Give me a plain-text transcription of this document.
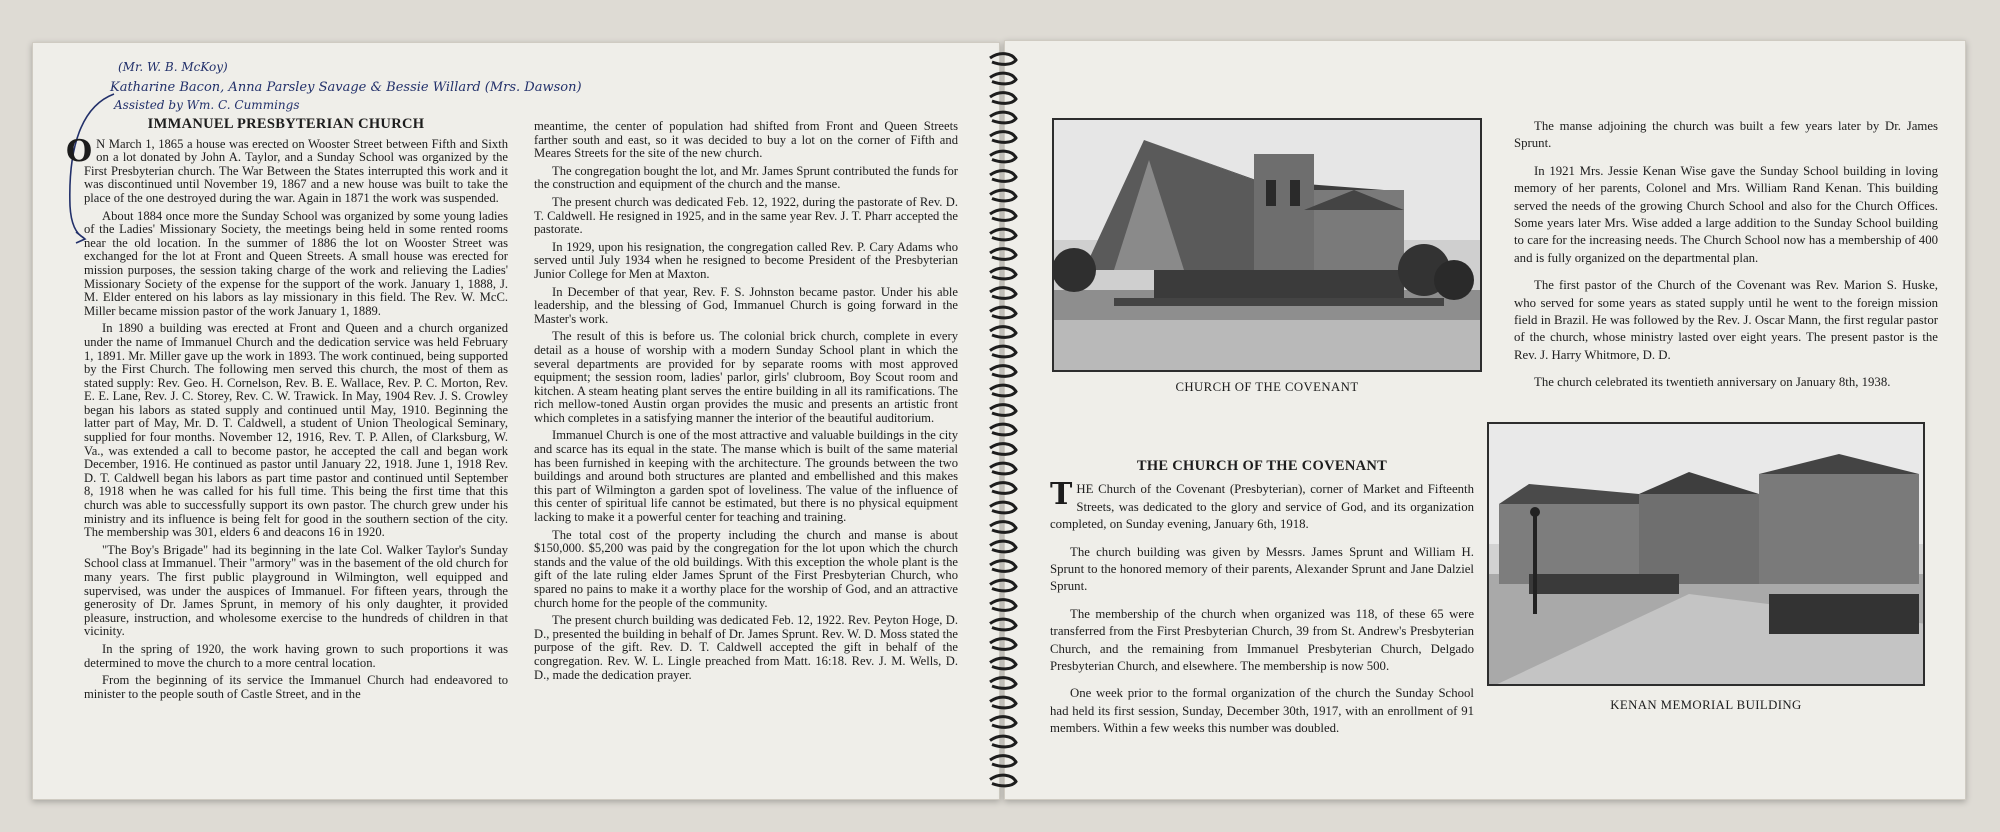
(Mr. W. B. McKoy)
Katharine Bacon, Anna Parsley Savage & Bessie Willard (Mrs. Dawson)
Assisted by Wm. C. Cummings
IMMANUEL PRESBYTERIAN CHURCH

O N March 1, 1865 a house was erected on Wooster Street between Fifth and Sixth on a lot donated by John A. Taylor, and a Sunday School was organized by the First Presbyterian church. The War Between the States interrupted this work and it was discontinued until November 19, 1867 and a new house was built to take the place of the one destroyed during the war. Again in 1871 the work was suspended.

About 1884 once more the Sunday School was organized by some young ladies of the Ladies' Missionary Society, the meetings being held in some rented rooms near the old location. In the summer of 1886 the lot on Wooster Street was exchanged for the lot at Front and Queen Streets. A small house was erected for mission purposes, the session taking charge of the work and relieving the Ladies' Missionary Society of the expense for the support of the work. January 1, 1888, J. M. Elder entered on his labors as lay missionary in this field. The Rev. W. McC. Miller became mission pastor of the work January 1, 1889.

In 1890 a building was erected at Front and Queen and a church organized under the name of Immanuel Church and the dedication service was held February 1, 1891. Mr. Miller gave up the work in 1893. The work continued, being supported by the First Church. The following men served this church, the most of them as stated supply: Rev. Geo. H. Cornelson, Rev. B. E. Wallace, Rev. P. C. Morton, Rev. E. E. Lane, Rev. J. C. Storey, Rev. C. W. Trawick. In May, 1904 Rev. J. S. Crowley began his labors as stated supply and continued until May, 1910. Beginning the latter part of May, Mr. D. T. Caldwell, a student of Union Theological Seminary, supplied for four months. November 12, 1916, Rev. T. P. Allen, of Clarksburg, W. Va., was extended a call to become pastor, he accepted the call and began work December, 1916. He continued as pastor until January 22, 1918. June 1, 1918 Rev. D. T. Caldwell began his labors as part time pastor and continued until September 8, 1918 when he was called for his full time. This being the first time that this church was able to successfully support its own pastor. The church grew under his ministry and its influence is being felt for good in the southern section of the city. The membership was 301, elders 6 and deacons 16 in 1920.

"The Boy's Brigade" had its beginning in the late Col. Walker Taylor's Sunday School class at Immanuel. Their "armory" was in the basement of the old church for many years. The first public playground in Wilmington, well equipped and supervised, was under the auspices of Immanuel. For fifteen years, through the generosity of Dr. James Sprunt, in memory of his only daughter, it provided pleasure, instruction, and wholesome exercise to the hundreds of children in that vicinity.

In the spring of 1920, the work having grown to such proportions it was determined to move the church to a more central location.

From the beginning of its service the Immanuel Church had endeavored to minister to the people south of Castle Street, and in the

meantime, the center of population had shifted from Front and Queen Streets farther south and east, so it was decided to buy a lot on the corner of Fifth and Meares Streets for the site of the new church.

The congregation bought the lot, and Mr. James Sprunt contributed the funds for the construction and equipment of the church and the manse.

The present church was dedicated Feb. 12, 1922, during the pastorate of Rev. D. T. Caldwell. He resigned in 1925, and in the same year Rev. J. T. Pharr accepted the pastorate.

In 1929, upon his resignation, the congregation called Rev. P. Cary Adams who served until July 1934 when he resigned to become President of the Presbyterian Junior College for Men at Maxton.

In December of that year, Rev. F. S. Johnston became pastor. Under his able leadership, and the blessing of God, Immanuel Church is going forward in the Master's work.

The result of this is before us. The colonial brick church, complete in every detail as a house of worship with a modern Sunday School plant in which the several departments are provided for by separate rooms with most approved equipment; the session room, ladies' parlor, girls' clubroom, Boy Scout room and kitchen. A steam heating plant serves the entire building in all its ramifications. The rich mellow-toned Austin organ provides the music and presents an artistic front which completes in a satisfying manner the interior of the beautiful auditorium.

Immanuel Church is one of the most attractive and valuable buildings in the city and scarce has its equal in the state. The manse which is built of the same material has been furnished in keeping with the architecture. The grounds between the two buildings and around both structures are planted and embellished and this makes this part of Wilmington a garden spot of loveliness. The value of the influence of this center of spiritual life cannot be estimated, but there is no physical equipment lacking to make it a powerful center for teaching and training.

The total cost of the property including the church and manse is about $150,000. $5,200 was paid by the congregation for the lot upon which the church stands and the value of the old buildings. With this exception the whole plant is the gift of the late ruling elder James Sprunt of the First Presbyterian Church, who spared no pains to make it a worthy place for the worship of God, and an attractive church home for the people of the community.

The present church building was dedicated Feb. 12, 1922. Rev. Peyton Hoge, D. D., presented the building in behalf of Dr. James Sprunt. Rev. W. D. Moss stated the purpose of the gift. Rev. D. T. Caldwell accepted the gift in behalf of the congregation. Rev. W. L. Lingle preached from Matt. 16:18. Rev. J. M. Wells, D. D., made the dedication prayer.

CHURCH OF THE COVENANT
THE CHURCH OF THE COVENANT

THE Church of the Covenant (Presbyterian), corner of Market and Fifteenth Streets, was dedicated to the glory and service of God, and its organization completed, on Sunday evening, January 6th, 1918.

The church building was given by Messrs. James Sprunt and William H. Sprunt to the honored memory of their parents, Alexander Sprunt and Jane Dalziel Sprunt.

The membership of the church when organized was 118, of these 65 were transferred from the First Presbyterian Church, 39 from St. Andrew's Presbyterian Church, and the remaining from Immanuel Presbyterian Church, Delgado Presbyterian Church, and elsewhere. The membership is now 500.

One week prior to the formal organization of the church the Sunday School had held its first session, Sunday, December 30th, 1917, with an enrollment of 91 members. Within a few weeks this number was doubled.

The manse adjoining the church was built a few years later by Dr. James Sprunt.

In 1921 Mrs. Jessie Kenan Wise gave the Sunday School building in loving memory of her parents, Colonel and Mrs. William Rand Kenan. This building served the needs of the growing Church School and also for the Church Offices. Some years later Mrs. Wise added a large addition to the Sunday School building to care for the increasing needs. The Church School now has a membership of 400 and is fully organized on the departmental plan.

The first pastor of the Church of the Covenant was Rev. Marion S. Huske, who served for some years as stated supply until he went to the foreign mission field in Brazil. He was followed by the Rev. J. Oscar Mann, the first regular pastor of the church, whose ministry lasted over eight years. The present pastor is the Rev. J. Harry Whitmore, D. D.

The church celebrated its twentieth anniversary on January 8th, 1938.

KENAN MEMORIAL BUILDING
